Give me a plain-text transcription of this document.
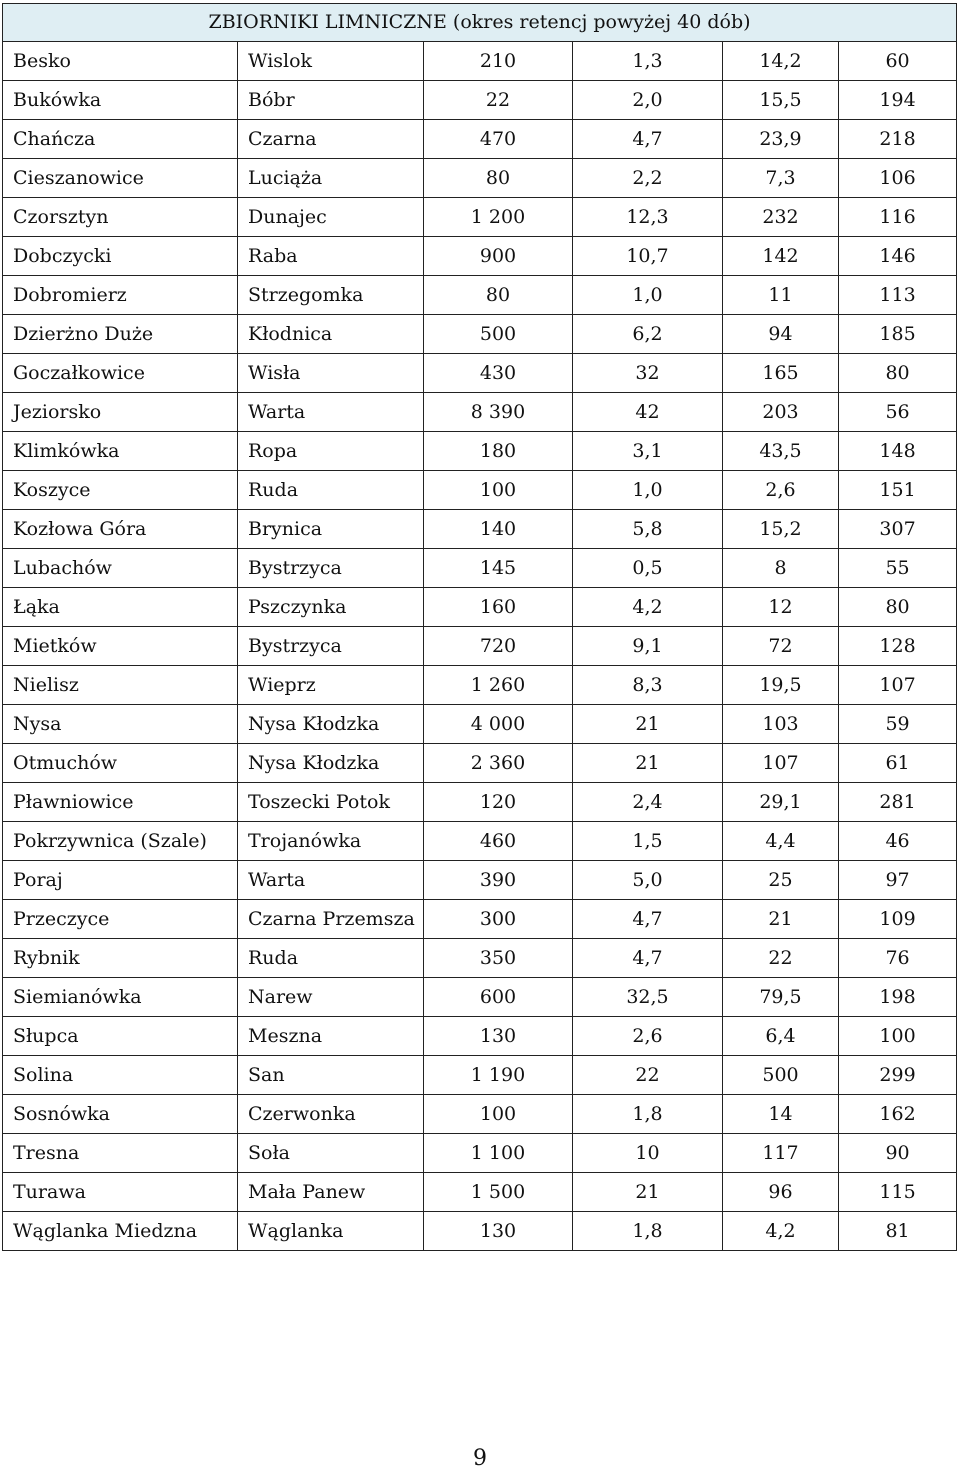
ZBIORNIKI LIMNICZNE (okres retencj powyżej 40 dób)					
Besko	Wislok	210	1,3	14,2	60
Bukówka	Bóbr	22	2,0	15,5	194
Chańcza	Czarna	470	4,7	23,9	218
Cieszanowice	Luciąża	80	2,2	7,3	106
Czorsztyn	Dunajec	1 200	12,3	232	116
Dobczycki	Raba	900	10,7	142	146
Dobromierz	Strzegomka	80	1,0	11	113
Dzierżno Duże	Kłodnica	500	6,2	94	185
Goczałkowice	Wisła	430	32	165	80
Jeziorsko	Warta	8 390	42	203	56
Klimkówka	Ropa	180	3,1	43,5	148
Koszyce	Ruda	100	1,0	2,6	151
Kozłowa Góra	Brynica	140	5,8	15,2	307
Lubachów	Bystrzyca	145	0,5	8	55
Łąka	Pszczynka	160	4,2	12	80
Mietków	Bystrzyca	720	9,1	72	128
Nielisz	Wieprz	1 260	8,3	19,5	107
Nysa	Nysa Kłodzka	4 000	21	103	59
Otmuchów	Nysa Kłodzka	2 360	21	107	61
Pławniowice	Toszecki Potok	120	2,4	29,1	281
Pokrzywnica (Szale)	Trojanówka	460	1,5	4,4	46
Poraj	Warta	390	5,0	25	97
Przeczyce	Czarna Przemsza	300	4,7	21	109
Rybnik	Ruda	350	4,7	22	76
Siemianówka	Narew	600	32,5	79,5	198
Słupca	Meszna	130	2,6	6,4	100
Solina	San	1 190	22	500	299
Sosnówka	Czerwonka	100	1,8	14	162
Tresna	Soła	1 100	10	117	90
Turawa	Mała Panew	1 500	21	96	115
Wąglanka Miedzna	Wąglanka	130	1,8	4,2	81
9
